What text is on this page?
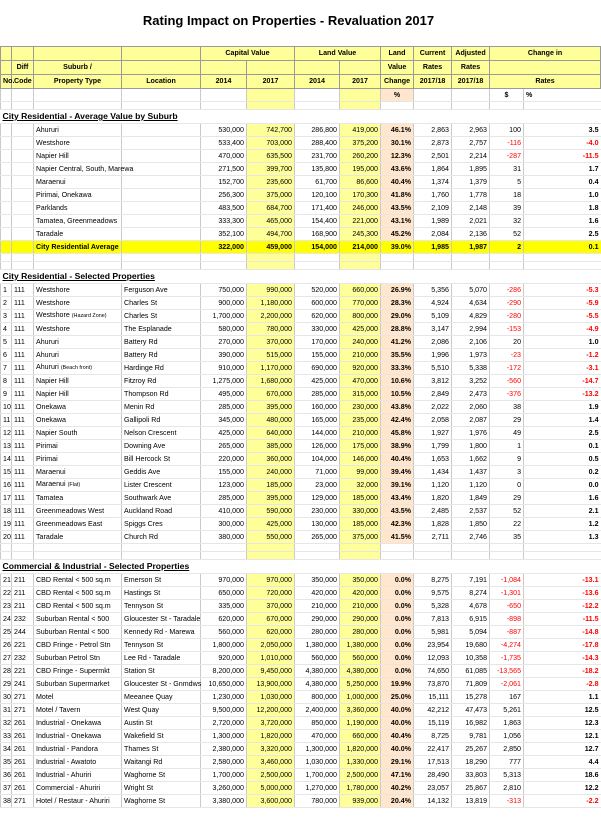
Rating Impact on Properties - Revaluation 2017
				Capital Value		Land Value		Land	Current	Adjusted	Change in	
	Diff	Suburb /						Value	Rates	Rates		
No.	Code	Property Type	Location	2014	2017	2014	2017	Change	2017/18	2017/18	Rates	
								%			$	%

City Residential - Average Value by Suburb												
		Ahururi		530,000	742,700	286,800	419,000	46.1%	2,863	2,963	100	3.5
		Westshore		533,400	703,000	288,400	375,200	30.1%	2,873	2,757	-116	-4.0
		Napier Hill		470,000	635,500	231,700	260,200	12.3%	2,501	2,214	-287	-11.5
		Napier Central, South, Marewa		271,500	399,700	135,800	195,000	43.6%	1,864	1,895	31	1.7
		Maraenui		152,700	235,600	61,700	86,600	40.4%	1,374	1,379	5	0.4
		Pirimai, Onekawa		256,300	375,000	120,100	170,300	41.8%	1,760	1,778	18	1.0
		Parklands		483,500	684,700	171,400	246,000	43.5%	2,109	2,148	39	1.8
		Tamatea, Greenmeadows		333,300	465,000	154,400	221,000	43.1%	1,989	2,021	32	1.6
		Taradale		352,100	494,700	168,900	245,300	45.2%	2,084	2,136	52	2.5
		City Residential Average		322,000	459,000	154,000	214,000	39.0%	1,985	1,987	2	0.1

City Residential - Selected Properties												
1	111	Westshore	Ferguson Ave	750,000	990,000	520,000	660,000	26.9%	5,356	5,070	-286	-5.3
2	111	Westshore	Charles St	900,000	1,180,000	600,000	770,000	28.3%	4,924	4,634	-290	-5.9
3	111	Westshore (Hazard Zone)	Charles St	1,700,000	2,200,000	620,000	800,000	29.0%	5,109	4,829	-280	-5.5
4	111	Westshore	The Esplanade	580,000	780,000	330,000	425,000	28.8%	3,147	2,994	-153	-4.9
5	111	Ahururi	Battery Rd	270,000	370,000	170,000	240,000	41.2%	2,086	2,106	20	1.0
6	111	Ahururi	Battery Rd	390,000	515,000	155,000	210,000	35.5%	1,996	1,973	-23	-1.2
7	111	Ahururi (Beach front)	Hardinge Rd	910,000	1,170,000	690,000	920,000	33.3%	5,510	5,338	-172	-3.1
8	111	Napier Hill	Fitzroy Rd	1,275,000	1,680,000	425,000	470,000	10.6%	3,812	3,252	-560	-14.7
9	111	Napier Hill	Thompson Rd	495,000	670,000	285,000	315,000	10.5%	2,849	2,473	-376	-13.2
10	111	Onekawa	Menin Rd	285,000	395,000	160,000	230,000	43.8%	2,022	2,060	38	1.9
11	111	Onekawa	Gallipoli Rd	345,000	480,000	165,000	235,000	42.4%	2,058	2,087	29	1.4
12	111	Napier South	Nelson Crescent	425,000	640,000	144,000	210,000	45.8%	1,927	1,976	49	2.5
13	111	Pirimai	Downing Ave	265,000	385,000	126,000	175,000	38.9%	1,799	1,800	1	0.1
14	111	Pirimai	Bill Hercock St	220,000	360,000	104,000	146,000	40.4%	1,653	1,662	9	0.5
15	111	Maraenui	Geddis Ave	155,000	240,000	71,000	99,000	39.4%	1,434	1,437	3	0.2
16	111	Maraenui (Flat)	Lister Crescent	123,000	185,000	23,000	32,000	39.1%	1,120	1,120	0	0.0
17	111	Tamatea	Southwark Ave	285,000	395,000	129,000	185,000	43.4%	1,820	1,849	29	1.6
18	111	Greenmeadows West	Auckland Road	410,000	590,000	230,000	330,000	43.5%	2,485	2,537	52	2.1
19	111	Greenmeadows East	Spiggs Cres	300,000	425,000	130,000	185,000	42.3%	1,828	1,850	22	1.2
20	111	Taradale	Church Rd	380,000	550,000	265,000	375,000	41.5%	2,711	2,746	35	1.3

Commercial & Industrial - Selected Properties												
21	211	CBD Rental < 500 sq.m	Emerson St	970,000	970,000	350,000	350,000	0.0%	8,275	7,191	-1,084	-13.1
22	211	CBD Rental < 500 sq.m	Hastings St	650,000	720,000	420,000	420,000	0.0%	9,575	8,274	-1,301	-13.6
23	211	CBD Rental < 500 sq.m	Tennyson St	335,000	370,000	210,000	210,000	0.0%	5,328	4,678	-650	-12.2
24	232	Suburban Rental < 500	Gloucester St - Taradale	620,000	670,000	290,000	290,000	0.0%	7,813	6,915	-898	-11.5
25	244	Suburban Rental < 500	Kennedy Rd - Marewa	560,000	620,000	280,000	280,000	0.0%	5,981	5,094	-887	-14.8
26	221	CBD Fringe - Petrol Stn	Tennyson St	1,800,000	2,050,000	1,380,000	1,380,000	0.0%	23,954	19,680	-4,274	-17.8
27	232	Suburban Petrol Stn	Lee Rd - Taradale	920,000	1,010,000	560,000	560,000	0.0%	12,093	10,358	-1,735	-14.3
28	221	CBD Fringe - Supermkt	Station St	8,200,000	9,450,000	4,380,000	4,380,000	0.0%	74,650	61,085	-13,565	-18.2
29	241	Suburban Supermarket	Gloucester St - Gnmdws	10,650,000	13,900,000	4,380,000	5,250,000	19.9%	73,870	71,809	-2,061	-2.8
30	271	Motel	Meeanee Quay	1,230,000	1,030,000	800,000	1,000,000	25.0%	15,111	15,278	167	1.1
31	271	Motel / Tavern	West Quay	9,500,000	12,200,000	2,400,000	3,360,000	40.0%	42,212	47,473	5,261	12.5
32	261	Industrial - Onekawa	Austin St	2,720,000	3,720,000	850,000	1,190,000	40.0%	15,119	16,982	1,863	12.3
33	261	Industrial - Onekawa	Wakefield St	1,300,000	1,820,000	470,000	660,000	40.4%	8,725	9,781	1,056	12.1
34	261	Industrial - Pandora	Thames St	2,380,000	3,320,000	1,300,000	1,820,000	40.0%	22,417	25,267	2,850	12.7
35	261	Industrial - Awatoto	Waitangi Rd	2,580,000	3,460,000	1,030,000	1,330,000	29.1%	17,513	18,290	777	4.4
36	261	Industrial - Ahuriri	Waghorne St	1,700,000	2,500,000	1,700,000	2,500,000	47.1%	28,490	33,803	5,313	18.6
37	261	Commercial - Ahuriri	Wright St	3,260,000	5,000,000	1,270,000	1,780,000	40.2%	23,057	25,867	2,810	12.2
38	271	Hotel / Restaur - Ahuriri	Waghorne St	3,380,000	3,600,000	780,000	939,000	20.4%	14,132	13,819	-313	-2.2
